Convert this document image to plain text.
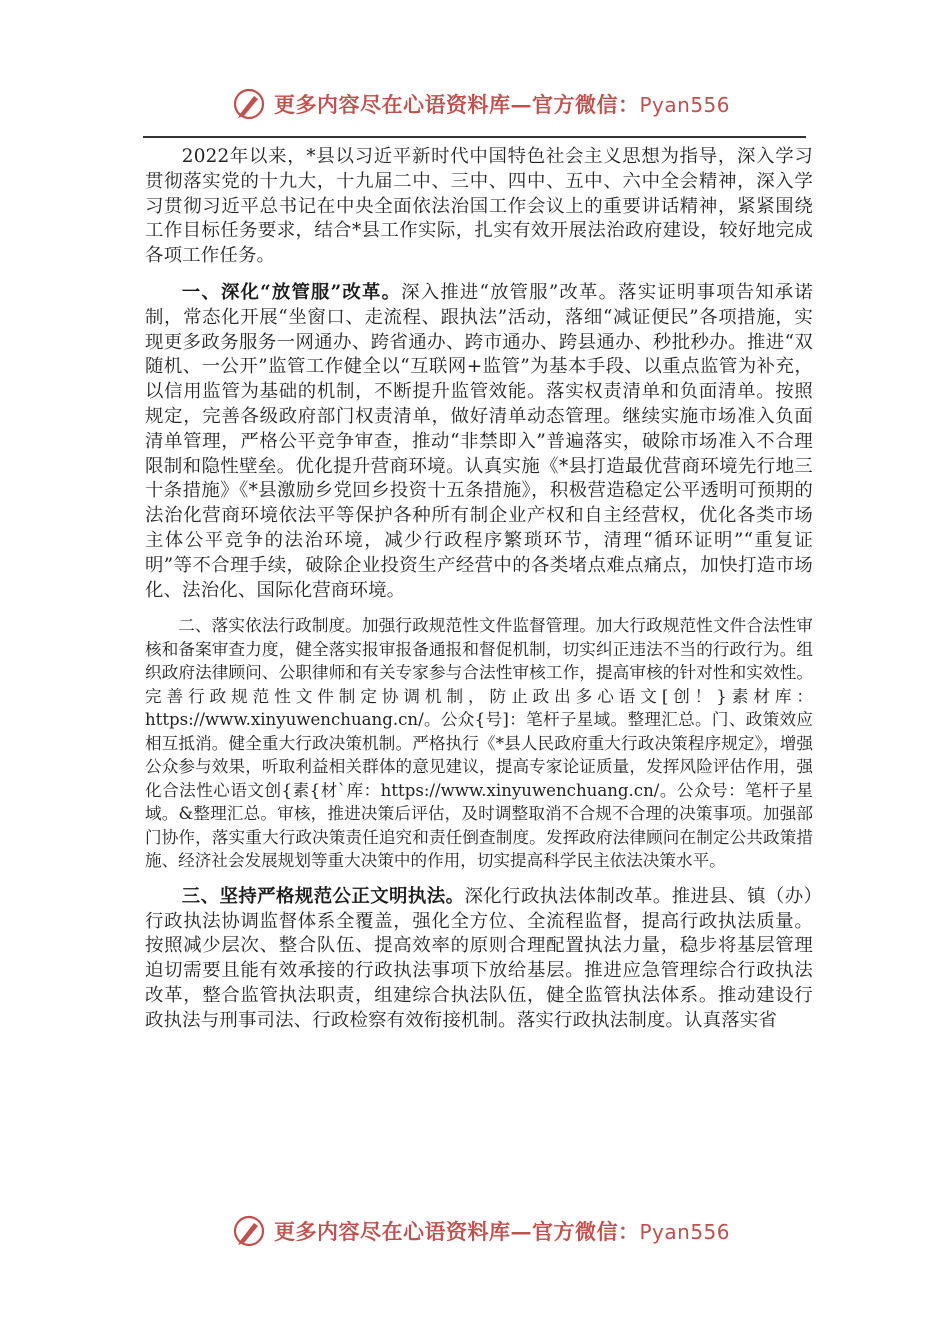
更多内容尽在心语资料库—官方微信：Pyan556

2022年以来，*县以习近平新时代中国特色社会主义思想为指导，深入学习贯彻落实党的十九大，十九届二中、三中、四中、五中、六中全会精神，深入学习贯彻习近平总书记在中央全面依法治国工作会议上的重要讲话精神，紧紧围绕工作目标任务要求，结合*县工作实际，扎实有效开展法治政府建设，较好地完成各项工作任务。

一、深化“放管服”改革。深入推进“放管服”改革。落实证明事项告知承诺制，常态化开展“坐窗口、走流程、跟执法”活动，落细“减证便民”各项措施，实现更多政务服务一网通办、跨省通办、跨市通办、跨县通办、秒批秒办。推进“双随机、一公开”监管工作健全以“互联网+监管”为基本手段、以重点监管为补充，以信用监管为基础的机制，不断提升监管效能。落实权责清单和负面清单。按照规定，完善各级政府部门权责清单，做好清单动态管理。继续实施市场准入负面清单管理，严格公平竞争审查，推动“非禁即入”普遍落实，破除市场准入不合理限制和隐性壁垒。优化提升营商环境。认真实施《*县打造最优营商环境先行地三十条措施》《*县激励乡党回乡投资十五条措施》，积极营造稳定公平透明可预期的法治化营商环境依法平等保护各种所有制企业产权和自主经营权，优化各类市场主体公平竞争的法治环境，减少行政程序繁琐环节，清理“循环证明”“重复证明”等不合理手续，破除企业投资生产经营中的各类堵点难点痛点，加快打造市场化、法治化、国际化营商环境。

二、落实依法行政制度。加强行政规范性文件监督管理。加大行政规范性文件合法性审核和备案审查力度，健全落实报审报备通报和督促机制，切实纠正违法不当的行政行为。组织政府法律顾问、公职律师和有关专家参与合法性审核工作，提高审核的针对性和实效性。完善行政规范性文件制定协调机制，防止政出多心语文[创！}素材库：https://www.xinyuwenchuang.cn/。公众{号]：笔杆子星域。整理汇总。门、政策效应相互抵消。健全重大行政决策机制。严格执行《*县人民政府重大行政决策程序规定》，增强公众参与效果，听取利益相关群体的意见建议，提高专家论证质量，发挥风险评估作用，强化合法性心语文创{素{材`库：https://www.xinyuwenchuang.cn/。公众号：笔杆子星域。&整理汇总。审核，推进决策后评估，及时调整取消不合规不合理的决策事项。加强部门协作，落实重大行政决策责任追究和责任倒查制度。发挥政府法律顾问在制定公共政策措施、经济社会发展规划等重大决策中的作用，切实提高科学民主依法决策水平。

三、坚持严格规范公正文明执法。深化行政执法体制改革。推进县、镇（办）行政执法协调监督体系全覆盖，强化全方位、全流程监督，提高行政执法质量。按照减少层次、整合队伍、提高效率的原则合理配置执法力量，稳步将基层管理迫切需要且能有效承接的行政执法事项下放给基层。推进应急管理综合行政执法改革，整合监管执法职责，组建综合执法队伍，健全监管执法体系。推动建设行政执法与刑事司法、行政检察有效衔接机制。落实行政执法制度。认真落实省

更多内容尽在心语资料库—官方微信：Pyan556
